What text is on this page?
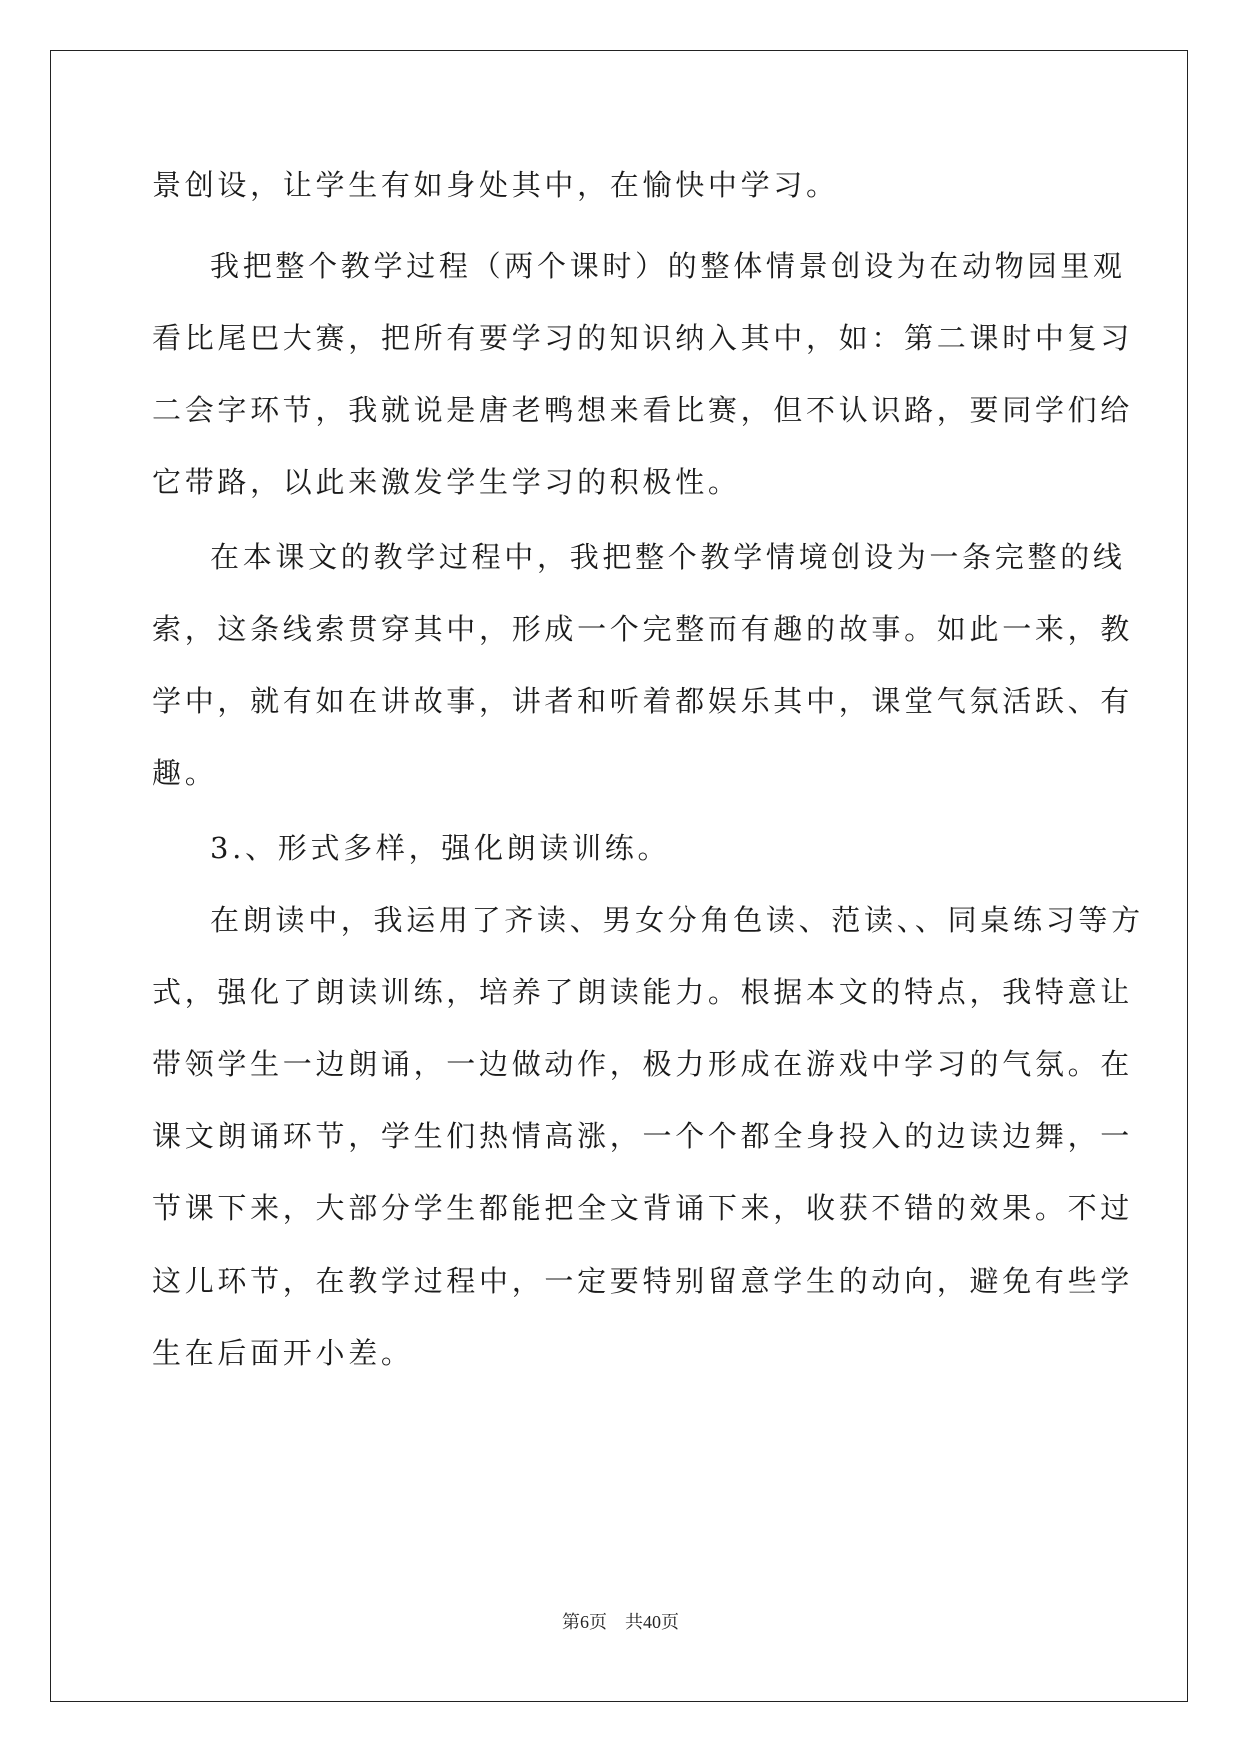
景创设，让学生有如身处其中，在愉快中学习。
我把整个教学过程（两个课时）的整体情景创设为在动物园里观
看比尾巴大赛，把所有要学习的知识纳入其中，如：第二课时中复习
二会字环节，我就说是唐老鸭想来看比赛，但不认识路，要同学们给
它带路，以此来激发学生学习的积极性。
在本课文的教学过程中，我把整个教学情境创设为一条完整的线
索，这条线索贯穿其中，形成一个完整而有趣的故事。如此一来，教
学中，就有如在讲故事，讲者和听着都娱乐其中，课堂气氛活跃、有
趣。
3.、形式多样，强化朗读训练。
在朗读中，我运用了齐读、男女分角色读、范读、、同桌练习等方
式，强化了朗读训练，培养了朗读能力。根据本文的特点，我特意让
带领学生一边朗诵，一边做动作，极力形成在游戏中学习的气氛。在
课文朗诵环节，学生们热情高涨，一个个都全身投入的边读边舞，一
节课下来，大部分学生都能把全文背诵下来，收获不错的效果。不过
这儿环节，在教学过程中，一定要特别留意学生的动向，避免有些学
生在后面开小差。
第6页 共40页
